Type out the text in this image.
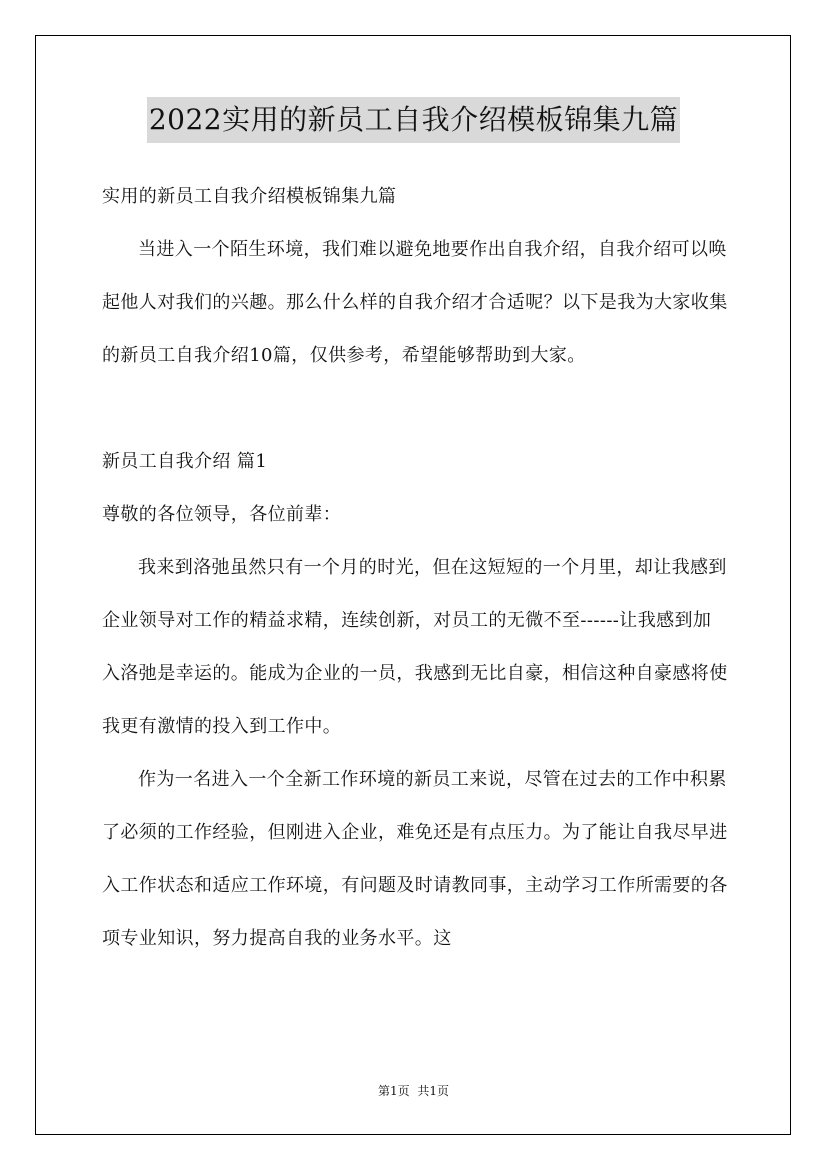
2022实用的新员工自我介绍模板锦集九篇

实用的新员工自我介绍模板锦集九篇

当进入一个陌生环境，我们难以避免地要作出自我介绍，自我介绍可以唤起他人对我们的兴趣。那么什么样的自我介绍才合适呢？以下是我为大家收集的新员工自我介绍10篇，仅供参考，希望能够帮助到大家。

新员工自我介绍 篇1

尊敬的各位领导，各位前辈：

我来到洛弛虽然只有一个月的时光，但在这短短的一个月里，却让我感到企业领导对工作的精益求精，连续创新，对员工的无微不至------让我感到加入洛弛是幸运的。能成为企业的一员，我感到无比自豪，相信这种自豪感将使我更有激情的投入到工作中。

作为一名进入一个全新工作环境的新员工来说，尽管在过去的工作中积累了必须的工作经验，但刚进入企业，难免还是有点压力。为了能让自我尽早进入工作状态和适应工作环境，有问题及时请教同事，主动学习工作所需要的各项专业知识，努力提高自我的业务水平。这

第1页 共1页
